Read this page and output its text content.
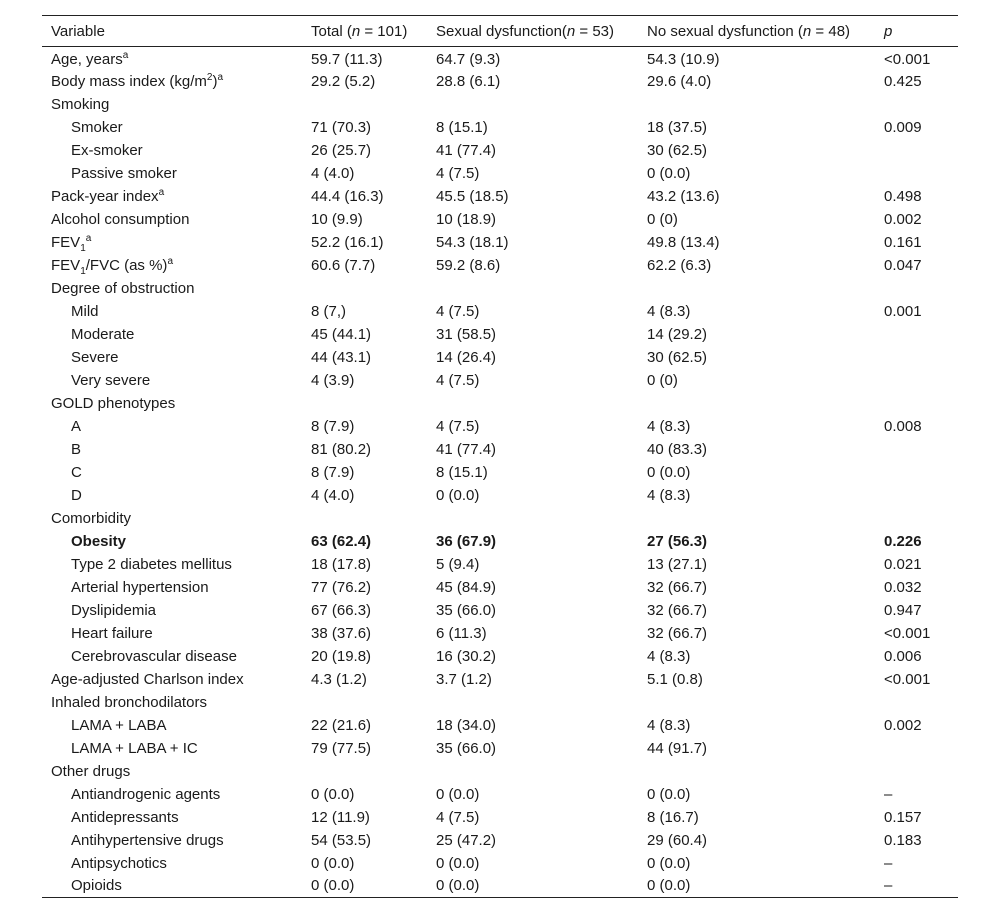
Variable	Total (n = 101)	Sexual dysfunction(n = 53)	No sexual dysfunction (n = 48)	p
Age, years$^a$	59.7 (11.3)	64.7 (9.3)	54.3 (10.9)	<0.001
Body mass index $(kg/m^2)^a$	29.2 (5.2)	28.8 (6.1)	29.6 (4.0)	0.425
Smoking				
Smoker	71 (70.3)	8 (15.1)	18 (37.5)	0.009
Ex-smoker	26 (25.7)	41 (77.4)	30 (62.5)	
Passive smoker	4 (4.0)	4 (7.5)	0 (0.0)	
Pack-year index$^a$	44.4 (16.3)	45.5 (18.5)	43.2 (13.6)	0.498
Alcohol consumption	10 (9.9)	10 (18.9)	0 (0)	0.002
$FEV_1^a$	52.2 (16.1)	54.3 (18.1)	49.8 (13.4)	0.161
$FEV_1$/FVC (as %)$^a$	60.6 (7.7)	59.2 (8.6)	62.2 (6.3)	0.047
Degree of obstruction				
Mild	8 (7,)	4 (7.5)	4 (8.3)	0.001
Moderate	45 (44.1)	31 (58.5)	14 (29.2)	
Severe	44 (43.1)	14 (26.4)	30 (62.5)	
Very severe	4 (3.9)	4 (7.5)	0 (0)	
GOLD phenotypes				
A	8 (7.9)	4 (7.5)	4 (8.3)	0.008
B	81 (80.2)	41 (77.4)	40 (83.3)	
C	8 (7.9)	8 (15.1)	0 (0.0)	
D	4 (4.0)	0 (0.0)	4 (8.3)	
Comorbidity				
Obesity	63 (62.4)	36 (67.9)	27 (56.3)	0.226
Type 2 diabetes mellitus	18 (17.8)	5 (9.4)	13 (27.1)	0.021
Arterial hypertension	77 (76.2)	45 (84.9)	32 (66.7)	0.032
Dyslipidemia	67 (66.3)	35 (66.0)	32 (66.7)	0.947
Heart failure	38 (37.6)	6 (11.3)	32 (66.7)	<0.001
Cerebrovascular disease	20 (19.8)	16 (30.2)	4 (8.3)	0.006
Age-adjusted Charlson index	4.3 (1.2)	3.7 (1.2)	5.1 (0.8)	<0.001
Inhaled bronchodilators				
LAMA + LABA	22 (21.6)	18 (34.0)	4 (8.3)	0.002
LAMA + LABA + IC	79 (77.5)	35 (66.0)	44 (91.7)	
Other drugs				
Antiandrogenic agents	0 (0.0)	0 (0.0)	0 (0.0)	–
Antidepressants	12 (11.9)	4 (7.5)	8 (16.7)	0.157
Antihypertensive drugs	54 (53.5)	25 (47.2)	29 (60.4)	0.183
Antipsychotics	0 (0.0)	0 (0.0)	0 (0.0)	–
Opioids	0 (0.0)	0 (0.0)	0 (0.0)	–
